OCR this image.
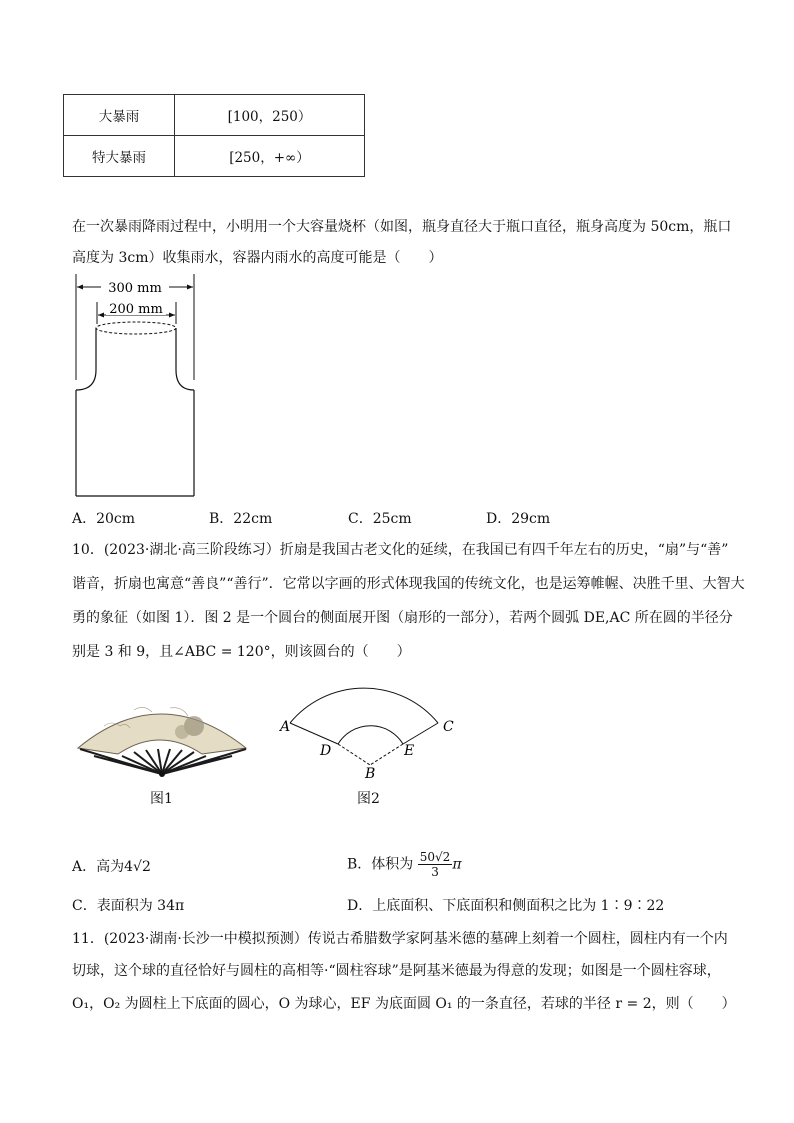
大暴雨	[100，250）
特大暴雨	[250，+∞）
在一次暴雨降雨过程中，小明用一个大容量烧杯（如图，瓶身直径大于瓶口直径，瓶身高度为 50cm，瓶口
高度为 3cm）收集雨水，容器内雨水的高度可能是（　　）
300 mm
200 mm
A．20cm	B．22cm	C．25cm	D．29cm
10．(2023·湖北·高三阶段练习）折扇是我国古老文化的延续，在我国已有四千年左右的历史，“扇”与“善”
谐音，折扇也寓意“善良”“善行”．它常以字画的形式体现我国的传统文化，也是运筹帷幄、决胜千里、大智大
勇的象征（如图 1）．图 2 是一个圆台的侧面展开图（扇形的一部分），若两个圆弧 DE,AC 所在圆的半径分
别是 3 和 9，且∠ABC = 120°，则该圆台的（　　）
图1
A	C
D	E
B
图2
A．高为4√2	B．体积为 $\frac{50√2}{3}$ π
C．表面积为 34π	D．上底面积、下底面积和侧面积之比为 1∶9∶22
11．(2023·湖南·长沙一中模拟预测）传说古希腊数学家阿基米德的墓碑上刻着一个圆柱，圆柱内有一个内
切球，这个球的直径恰好与圆柱的高相等·“圆柱容球”是阿基米德最为得意的发现；如图是一个圆柱容球，
O₁，O₂ 为圆柱上下底面的圆心，O 为球心，EF 为底面圆 O₁ 的一条直径，若球的半径 r = 2，则（　　）
